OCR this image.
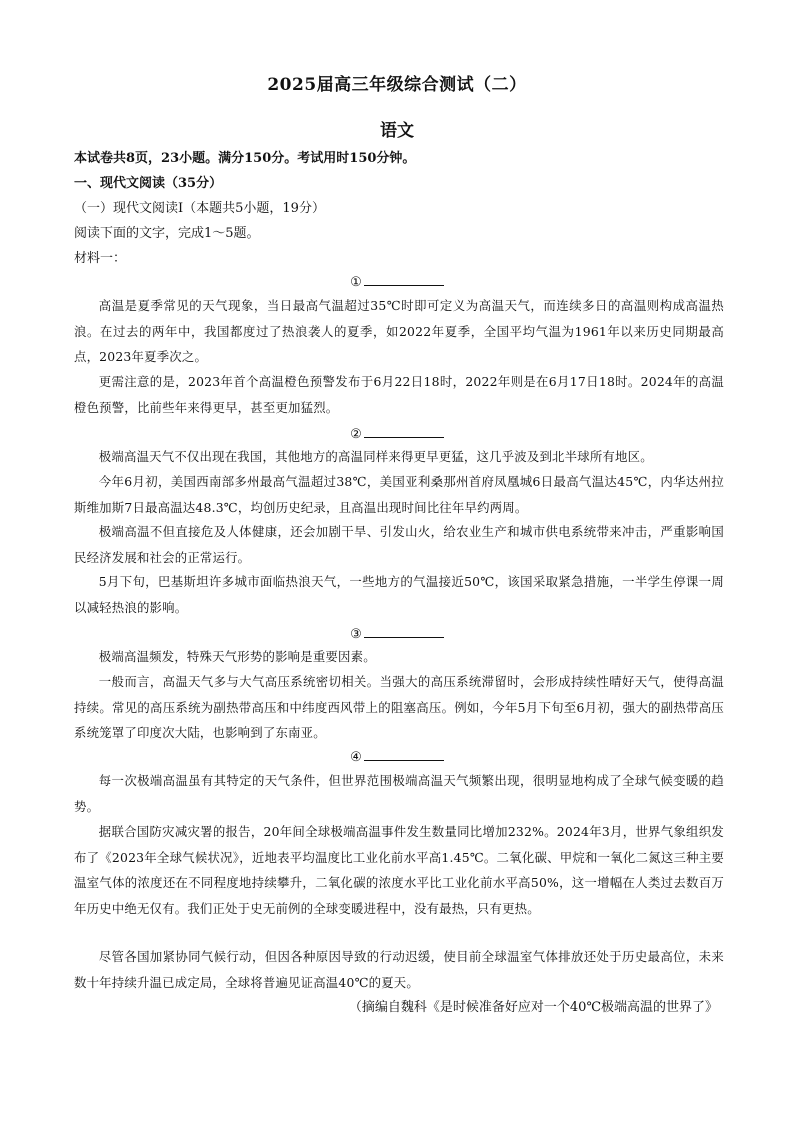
2025届高三年级综合测试（二）
语文
本试卷共8页，23小题。满分150分。考试用时150分钟。
一、现代文阅读（35分）
（一）现代文阅读Ⅰ（本题共5小题，19分）
阅读下面的文字，完成1～5题。
材料一：
①
高温是夏季常见的天气现象，当日最高气温超过35℃时即可定义为高温天气，而连续多日的高温则构成高温热浪。在过去的两年中，我国都度过了热浪袭人的夏季，如2022年夏季，全国平均气温为1961年以来历史同期最高点，2023年夏季次之。
更需注意的是，2023年首个高温橙色预警发布于6月22日18时，2022年则是在6月17日18时。2024年的高温橙色预警，比前些年来得更早，甚至更加猛烈。
②
极端高温天气不仅出现在我国，其他地方的高温同样来得更早更猛，这几乎波及到北半球所有地区。
今年6月初，美国西南部多州最高气温超过38℃，美国亚利桑那州首府凤凰城6日最高气温达45℃，内华达州拉斯维加斯7日最高温达48.3℃，均创历史纪录，且高温出现时间比往年早约两周。
极端高温不但直接危及人体健康，还会加剧干旱、引发山火，给农业生产和城市供电系统带来冲击，严重影响国民经济发展和社会的正常运行。
5月下旬，巴基斯坦许多城市面临热浪天气，一些地方的气温接近50℃，该国采取紧急措施，一半学生停课一周以减轻热浪的影响。
③
极端高温频发，特殊天气形势的影响是重要因素。
一般而言，高温天气多与大气高压系统密切相关。当强大的高压系统滞留时，会形成持续性晴好天气，使得高温持续。常见的高压系统为副热带高压和中纬度西风带上的阻塞高压。例如，今年5月下旬至6月初，强大的副热带高压系统笼罩了印度次大陆，也影响到了东南亚。
④
每一次极端高温虽有其特定的天气条件，但世界范围极端高温天气频繁出现，很明显地构成了全球气候变暖的趋势。
据联合国防灾减灾署的报告，20年间全球极端高温事件发生数量同比增加232%。2024年3月，世界气象组织发布了《2023年全球气候状况》，近地表平均温度比工业化前水平高1.45℃。二氧化碳、甲烷和一氧化二氮这三种主要温室气体的浓度还在不同程度地持续攀升，二氧化碳的浓度水平比工业化前水平高50%，这一增幅在人类过去数百万年历史中绝无仅有。我们正处于史无前例的全球变暖进程中，没有最热，只有更热。
尽管各国加紧协同气候行动，但因各种原因导致的行动迟缓，使目前全球温室气体排放还处于历史最高位，未来数十年持续升温已成定局，全球将普遍见证高温40℃的夏天。
（摘编自魏科《是时候准备好应对一个40℃极端高温的世界了》
